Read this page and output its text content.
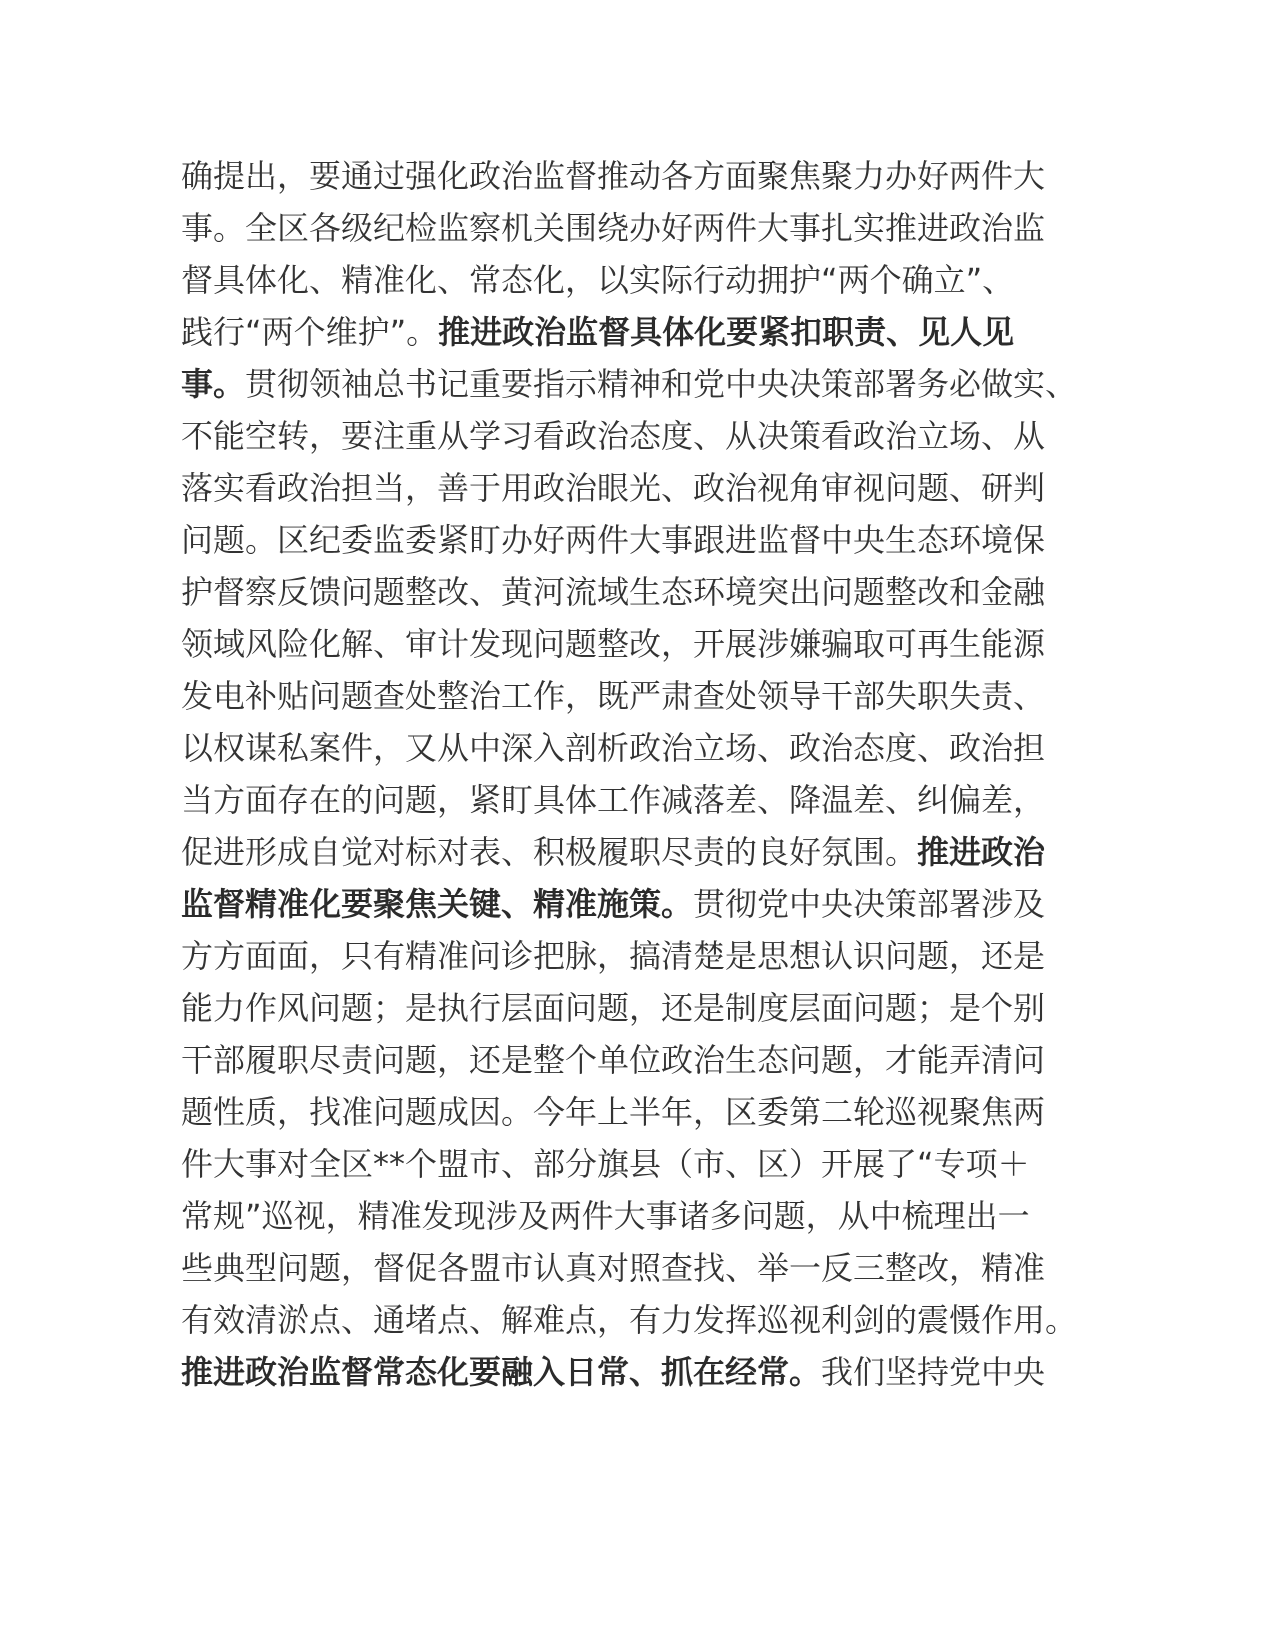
确提出，要通过强化政治监督推动各方面聚焦聚力办好两件大
事。全区各级纪检监察机关围绕办好两件大事扎实推进政治监
督具体化、精准化、常态化，以实际行动拥护“两个确立”、
践行“两个维护”。推进政治监督具体化要紧扣职责、见人见
事。贯彻领袖总书记重要指示精神和党中央决策部署务必做实、
不能空转，要注重从学习看政治态度、从决策看政治立场、从
落实看政治担当，善于用政治眼光、政治视角审视问题、研判
问题。区纪委监委紧盯办好两件大事跟进监督中央生态环境保
护督察反馈问题整改、黄河流域生态环境突出问题整改和金融
领域风险化解、审计发现问题整改，开展涉嫌骗取可再生能源
发电补贴问题查处整治工作，既严肃查处领导干部失职失责、
以权谋私案件，又从中深入剖析政治立场、政治态度、政治担
当方面存在的问题，紧盯具体工作减落差、降温差、纠偏差，
促进形成自觉对标对表、积极履职尽责的良好氛围。推进政治
监督精准化要聚焦关键、精准施策。贯彻党中央决策部署涉及
方方面面，只有精准问诊把脉，搞清楚是思想认识问题，还是
能力作风问题；是执行层面问题，还是制度层面问题；是个别
干部履职尽责问题，还是整个单位政治生态问题，才能弄清问
题性质，找准问题成因。今年上半年，区委第二轮巡视聚焦两
件大事对全区**个盟市、部分旗县（市、区）开展了“专项＋
常规”巡视，精准发现涉及两件大事诸多问题，从中梳理出一
些典型问题，督促各盟市认真对照查找、举一反三整改，精准
有效清淤点、通堵点、解难点，有力发挥巡视利剑的震慑作用。
推进政治监督常态化要融入日常、抓在经常。我们坚持党中央
